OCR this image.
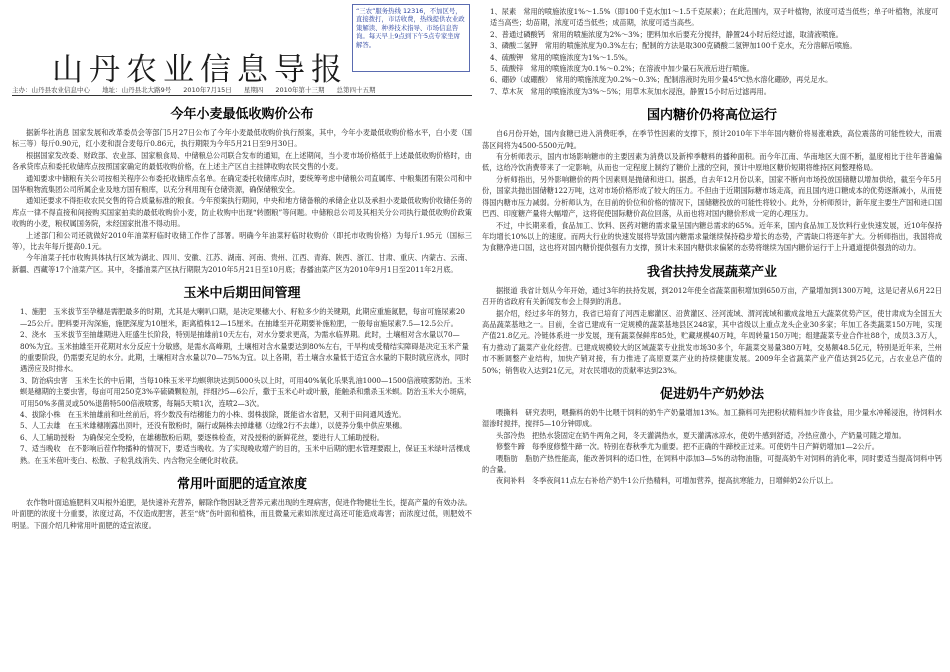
山丹农业信息导报
“三农”服务热线 12316，不加区号，直接拨打，市话收费，热线提供农业政策解读、种养技术指导、市场信息咨询。每天早上9点到下午5点专家坐席解答。
主办：山丹县农业信息中心 地址：山丹县北大路9号 2010年7月15日 星期四 2010年第十三期 总第四十五期
今年小麦最低收购价公布

据新华社消息 国家发展和改革委员会等部门5月27日公布了今年小麦最低收购价执行预案，其中，今年小麦最低收购价格水平，白小麦（国标三等）每斤0.90元，红小麦和混合麦每斤0.86元，执行期限为今年5月21日至9月30日。

根据国家发改委、财政部、农业部、国家粮食局、中储粮总公司联合发布的通知，在上述期间，当小麦市场价格低于上述最低收购价格时，由各承贷库点和委托收储库点按照国家确定的最低收购价格，在上述主产区自主挂牌收购农民交售的小麦。

通知要求中储粮有关公司按相关程序公布委托收储库点名单。在确定委托收储库点时，要统筹考虑中储粮公司直属库、中粮集团有限公司和中国华粮物流集团公司所属企业及地方国有粮库，以充分利用现有仓储资源，确保储粮安全。

通知还要求不得拒收农民交售的符合质量标准的粮食。今年预案执行期间，中央和地方储备粮的承储企业以及承担小麦最低收购价收储任务的库点一律不得直接和间接购买国家拍卖的最低收购价小麦，防止收购中出现“转圈粮”等问题。中储粮总公司及其相关分公司执行最低收购价政策收购的小麦，粮权属国务院，未经国家批准不得动用。

上述部门和公司还就做好2010年油菜籽临时收储工作作了部署。明确今年油菜籽临时收购价（即托市收购价格）为每斤1.95元（国标三等），比去年每斤提高0.1元。

今年油菜子托市收购具体执行区域为湖北、四川、安徽、江苏、湖南、河南、贵州、江西、青海、陕西、浙江、甘肃、重庆、内蒙古、云南、新疆、西藏等17个油菜产区。其中，冬播油菜产区执行期限为2010年5月21日至10月底；春播油菜产区为2010年9月1日至2011年2月底。

玉米中后期田间管理
1、施肥　玉米拔节至孕穗是需肥最多的时期，尤其是大喇叭口期，是决定果穗大小、籽粒多少的关键期，此期应重施氮肥，每亩可施尿素20—25公斤。肥料要开沟深施，施肥深度为10厘米，距离植株12—15厘米。在抽雄至开花期要补施粒肥，一般每亩施尿素7.5—12.5公斤。
2、浇水　玉米拔节至抽雄期进入旺盛生长阶段，特别是抽雄前10天左右，对水分要求更高，为需水临界期。此时，土壤相对含水量以70—80%为宜。玉米抽雄至开花期对水分反应十分敏感，是需水高峰期，土壤相对含水量要达到80%左右，干旱构成受精结实障碍是决定玉米产量的重要阶段，仍需要充足的水分。此期，土壤相对含水量以70—75%为宜。以上各期，若土壤含水量低于适宜含水量的下限时就应浇水，同时遇涝应及时排水。
3、防治病虫害　玉米生长的中后期，当每10株玉米平均螟卵块达到5000头以上时，可用40%氧化乐果乳油1000—1500倍液喷雾防治。玉米螟是穗期的主要虫害，每亩可用250克3%辛硫磷颗粒剂，拌细沙5—6公斤，撒于玉米心叶或叶腋，能触杀和熏杀玉米螟。防治玉米大小斑病，可用50%多菌灵或50%退菌特500倍液喷雾，每隔5天喷1次，连喷2—3次。
4、拔除小株　在玉米抽雄前和吐丝前后，将少数没有结穗能力的小株、弱株拔除，既能省水省肥，又利于田间通风透光。
5、人工去雄　在玉米雄穗刚露出顶叶，还没有散粉时，隔行或隔株去掉雄穗（边缘2行不去雄），以使养分集中供应果穗。
6、人工辅助授粉　为确保完全受粉，在雄穗散粉后期，要逐株检查，对没授粉的新鲜花丝，要进行人工辅助授粉。
7、适当晚收　在不影响后茬作物播种的情况下，要适当晚收。为了实现晚收增产的目的，玉米中后期的肥水管理要跟上，保证玉米绿叶活棵成熟。在玉米苞叶变白、松散、子粒乳线消失、内含物完全硬化时收获。
常用叶面肥的适宜浓度

农作物叶面追施肥料又叫根外追肥，是快速补充营养，解除作物因缺乏营养元素出现的生理病害，促进作物健壮生长，提高产量的有效办法。叶面肥的浓度十分重要，浓度过高，不仅造成肥害，甚至“烧”伤叶面和植株，而且微量元素如浓度过高还可能造成毒害；而浓度过低，则肥效不明显。下面介绍几种常用叶面肥的适宜浓度。

1、尿素　常用的喷施浓度1%～1.5%（即100千克水加1～1.5千克尿素）；在此范围内，双子叶植物，浓度可适当低些；单子叶植物，浓度可适当高些；幼苗期，浓度可适当低些；成苗期，浓度可适当高些。
2、普通过磷酸钙　常用的喷施浓度为2%～3%；肥料加水后要充分搅拌，静置24小时后经过滤，取清液喷施。
3、磷酸二氢钾　常用的喷施浓度为0.3%左右；配制的方法是取300克磷酸二氢钾加100千克水，充分溶解后喷施。
4、硫酸钾　常用的喷施浓度为1%～1.5%。
5、硫酸锌　常用的喷施浓度为0.1%～0.2%；在溶液中加少量石灰液后进行喷施。
6、硼砂（或硼酸）　常用的喷施浓度为0.2%～0.3%；配制溶液时先用少量45℃热水溶化硼砂，再兑足水。
7、草木灰　常用的喷施浓度为3%～5%；用草木灰加水浸泡，静置15小时后过滤再用。
国内糖价仍将高位运行

自6月份开始，国内食糖已进入消费旺季，在季节性因素的支撑下，预计2010年下半年国内糖价将易涨难跌，高位震荡的可能性较大，而震荡区间将为4500-5500元/吨。

有分析师表示，国内市场影响糖市的主要因素为消费以及新榨季糖料的播种面积。而今年江南、华南地区大面不断，温度相比于往年普遍偏低，这给冷饮消费带来了一定影响，从而也一定程度上制约了糖价上涨的空间，预计中原地区糖价短期将维持区间整理格局。

分析师指出，另外影响糖价的两个因素则是抛储和进口。据悉，自去年12月份以来，国家不断向市场投放国储糖以增加供给，截至今年5月份，国家共抛出国储糖122万吨，这对市场价格形成了较大的压力。不但由于近期国际糖市场走高，而且国内进口糖成本的优势逐渐减小，从而使得国内糖市压力减弱。分析师认为，在目前的价位和价格的情况下，国储糖投放的可能性将较小。此外，分析师预计，新年度主要生产国和进口国巴西、印度糖产量将大幅增产，这将促使国际糖价高位回落，从而也将对国内糖价形成一定的心理压力。

不过，中长期来看，食品加工、饮料、医药对糖的需求量呈国内糖总需求的65%。近年来，国内食品加工及饮料行业快速发展，近10年保持年均增长10%以上的速度。而两大行业的快速发展将导致国内糖需求量继续保持稳步增长的态势，产需缺口将逐年扩大。分析师指出，我国将成为食糖净进口国，这也将对国内糖价提供强有力支撑，预计未来国内糖供求偏紧的态势将继续为国内糖价运行于上升通道提供强劲的动力。

我省扶持发展蔬菜产业

据报道 我省计划从今年开始，通过3年的扶持发展，到2012年使全省蔬菜面积增加到650万亩，产量增加到1300万吨，这是记者从6月22日召开的省政府有关新闻发布会上得到的消息。

据介绍，经过多年的努力，我省已培育了河西走廊灌区、沿黄灌区、泾河流域、渭河流域和徽成盆地五大蔬菜优势产区，使甘肃成为全国五大高品蔬菜基地之一。目前，全省已建成有一定规模的蔬菜基地县区248家，其中省级以上重点龙头企业30多家；年加工各类蔬菜150万吨，实现产值21.8亿元。冷链体系进一步发展，现有蔬菜保鲜库85处，贮藏规模40万吨，年周转量150万吨；组建蔬菜专业合作社88个，成员3.3万人，有力推动了蔬菜产业化经营。已建成规模较大的区域蔬菜专业批发市场30多个，年蔬菜交易量380万吨，交易额48.5亿元，特别是近年来，兰州市不断调整产业结构，加快产销对接，有力推进了高原夏菜产业的持续健康发展。2009年全省蔬菜产业产值达到25亿元，占农业总产值的50%；销售收入达到21亿元，对农民增收的贡献率达到23%。

促进奶牛产奶妙法

喂撕料　研究表明，喂撕料的奶牛比喂干饲料的奶牛产奶量增加13%。加工撕料可先把粉状精料加少许食盐，用少量水冲稀浸泡，待饲料水湿渗时搅拌，搅拌5—10分钟即成。

头部冷热　把热水袋固定在奶牛两角之间，冬天灌满热水，夏天灌满冰凉水，使奶牛感到舒适，冷热应激小，产奶量可随之增加。

修整牛蹄　每季度修整牛蹄一次。特别在春秋季尤为重要。把不正确的牛蹄校正过来。可使奶牛日产鲜奶增加1—2公斤。

喂脂肪　脂肪产热性能高，能改善饲料的适口性，在饲料中添加3—5%的动物油脂，可提高奶牛对饲料的消化率，同时要适当提高饲料中钙的含量。

夜间补料　冬季夜间11点左右补给产奶牛1公斤热精料，可增加营养，提高抗寒能力，日增鲜奶2公斤以上。
